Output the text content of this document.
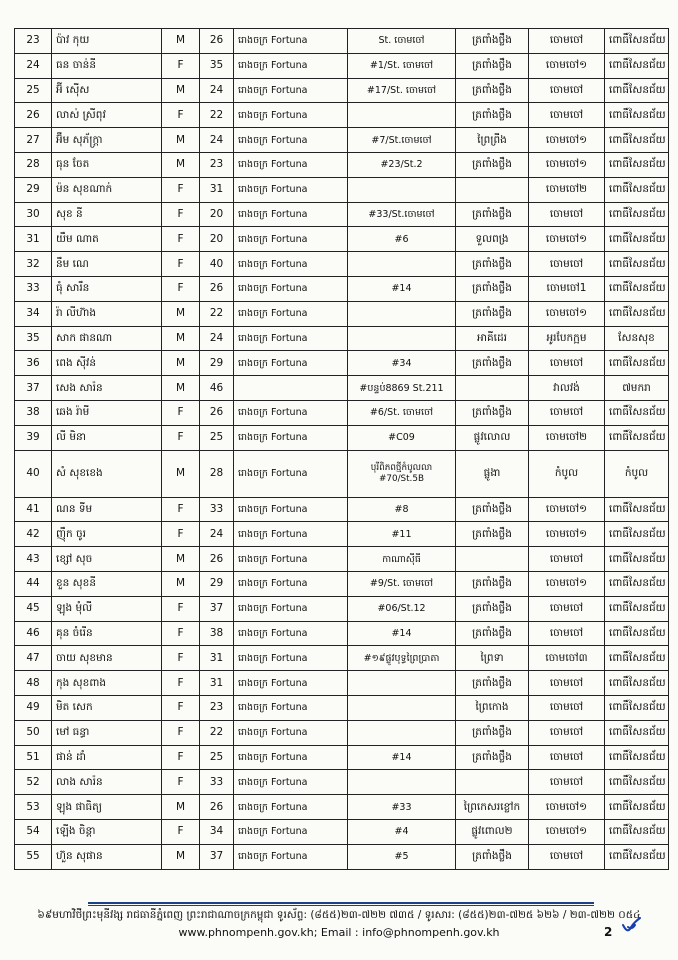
23	ប៉ាវ កុយ	M	26	រោងចក្រ Fortuna	St. ចោមចៅ	ត្រពាំងថ្លឹង	ចោមចៅ	ពោធិ៍សែនជ័យ
24	ធន ចាន់នី	F	35	រោងចក្រ Fortuna	#1/St. ចោមចៅ	ត្រពាំងថ្លឹង	ចោមចៅ១	ពោធិ៍សែនជ័យ
25	អ៊ី ស៊ើស	M	24	រោងចក្រ Fortuna	#17/St. ចោមចៅ	ត្រពាំងថ្លឹង	ចោមចៅ	ពោធិ៍សែនជ័យ
26	លាស់ ស្រីពុវ	F	22	រោងចក្រ Fortuna		ត្រពាំងថ្លឹង	ចោមចៅ	ពោធិ៍សែនជ័យ
27	អ៊ឹម សុភ័ក្ត្រា	M	24	រោងចក្រ Fortuna	#7/St.ចោមចៅ	ព្រៃព្រីង	ចោមចៅ១	ពោធិ៍សែនជ័យ
28	ធុន ចែត	M	23	រោងចក្រ Fortuna	#23/St.2	ត្រពាំងថ្លឹង	ចោមចៅ១	ពោធិ៍សែនជ័យ
29	ម៉ន សុខណាក់	F	31	រោងចក្រ Fortuna			ចោមចៅ២	ពោធិ៍សែនជ័យ
30	សុខ នី	F	20	រោងចក្រ Fortuna	#33/St.ចោមចៅ	ត្រពាំងថ្លឹង	ចោមចៅ	ពោធិ៍សែនជ័យ
31	យឹម ណាត	F	20	រោងចក្រ Fortuna	#6	ទួលពង្រ	ចោមចៅ១	ពោធិ៍សែនជ័យ
32	នឹម ណេ	F	40	រោងចក្រ Fortuna		ត្រពាំងថ្លឹង	ចោមចៅ	ពោធិ៍សែនជ័យ
33	ធុំ សារឹន	F	26	រោងចក្រ Fortuna	#14	ត្រពាំងថ្លឹង	ចោមចៅ1	ពោធិ៍សែនជ័យ
34	រ៉ា លីហ៊ាង	M	22	រោងចក្រ Fortuna		ត្រពាំងថ្លឹង	ចោមចៅ១	ពោធិ៍សែនជ័យ
35	សាក ផានណា	M	24	រោងចក្រ Fortuna		អាគីដេរ	អូរបែកក្អម	សែនសុខ
36	ពេង ស៊ីវន់	M	29	រោងចក្រ Fortuna	#34	ត្រពាំងថ្លឹង	ចោមចៅ	ពោធិ៍សែនជ័យ
37	សេង សារ៉ន	M	46		#បន្ទប់8869 St.211		វាលវង់	៧មករា
38	ឆេង រ៉ាមី	F	26	រោងចក្រ Fortuna	#6/St. ចោមចៅ	ត្រពាំងថ្លឹង	ចោមចៅ	ពោធិ៍សែនជ័យ
39	លី មិនា	F	25	រោងចក្រ Fortuna	#C09	ផ្លូវលោល	ចោមចៅ២	ពោធិ៍សែនជ័យ
40	សំ សុខខេង	M	28	រោងចក្រ Fortuna	បុរីពិភពថ្មីកំបូលលា #70/St.5B	ផ្លូងា	កំបូល	កំបូល
41	ណន ទីម	F	33	រោងចក្រ Fortuna	#8	ត្រពាំងថ្លឹង	ចោមចៅ១	ពោធិ៍សែនជ័យ
42	ញ៉ឹក ចូរ	F	24	រោងចក្រ Fortuna	#11	ត្រពាំងថ្លឹង	ចោមចៅ១	ពោធិ៍សែនជ័យ
43	ខ្សៅ សុច	M	26	រោងចក្រ Fortuna	កាណាស៊ីធី		ចោមចៅ	ពោធិ៍សែនជ័យ
44	ខួន សុខនី	M	29	រោងចក្រ Fortuna	#9/St. ចោមចៅ	ត្រពាំងថ្លឹង	ចោមចៅ១	ពោធិ៍សែនជ័យ
45	ឡុង មុំលី	F	37	រោងចក្រ Fortuna	#06/St.12	ត្រពាំងថ្លឹង	ចោមចៅ	ពោធិ៍សែនជ័យ
46	គុន ចំរើន	F	38	រោងចក្រ Fortuna	#14	ត្រពាំងថ្លឹង	ចោមចៅ	ពោធិ៍សែនជ័យ
47	ចាយ សុខមាន	F	31	រោងចក្រ Fortuna	#១៩ផ្លូវបុទ្ធព្រៃប្រាតា	ព្រៃទា	ចោមចៅ៣	ពោធិ៍សែនជ័យ
48	កុង សុខពាង	F	31	រោងចក្រ Fortuna		ត្រពាំងថ្លឹង	ចោមចៅ	ពោធិ៍សែនជ័យ
49	មិត សេក	F	23	រោងចក្រ Fortuna		ព្រៃកោង	ចោមចៅ	ពោធិ៍សែនជ័យ
50	មៅ ធន្ធា	F	22	រោងចក្រ Fortuna		ត្រពាំងថ្លឹង	ចោមចៅ	ពោធិ៍សែនជ័យ
51	ផាន់ ដាំ	F	25	រោងចក្រ Fortuna	#14	ត្រពាំងថ្លឹង	ចោមចៅ	ពោធិ៍សែនជ័យ
52	លាង សារ៉ន	F	33	រោងចក្រ Fortuna			ចោមចៅ	ពោធិ៍សែនជ័យ
53	ឡុង ផាធិត្យ	M	26	រោងចក្រ Fortuna	#33	ព្រៃកេសរខ្លៅក	ចោមចៅ១	ពោធិ៍សែនជ័យ
54	ឡើង ចិន្តា	F	34	រោងចក្រ Fortuna	#4	ផ្លូវពោល២	ចោមចៅ១	ពោធិ៍សែនជ័យ
55	ហ៊ួន សុផាន	M	37	រោងចក្រ Fortuna	#5	ត្រពាំងថ្លឹង	ចោមចៅ	ពោធិ៍សែនជ័យ
៦៩មហាវិថីព្រះមុនីវង្ស រាជធានីភ្នំពេញ ព្រះរាជាណាចក្រកម្ពុជា ទូរស័ព្ទ: (៨៥៥)២៣-៧២២ ៧៣៥ / ទូរសារ: (៨៥៥)២៣-៧២៥ ៦២៦ / ២៣-៧២២ ០៥៤
www.phnompenh.gov.kh; Email : info@phnompenh.gov.kh	2
